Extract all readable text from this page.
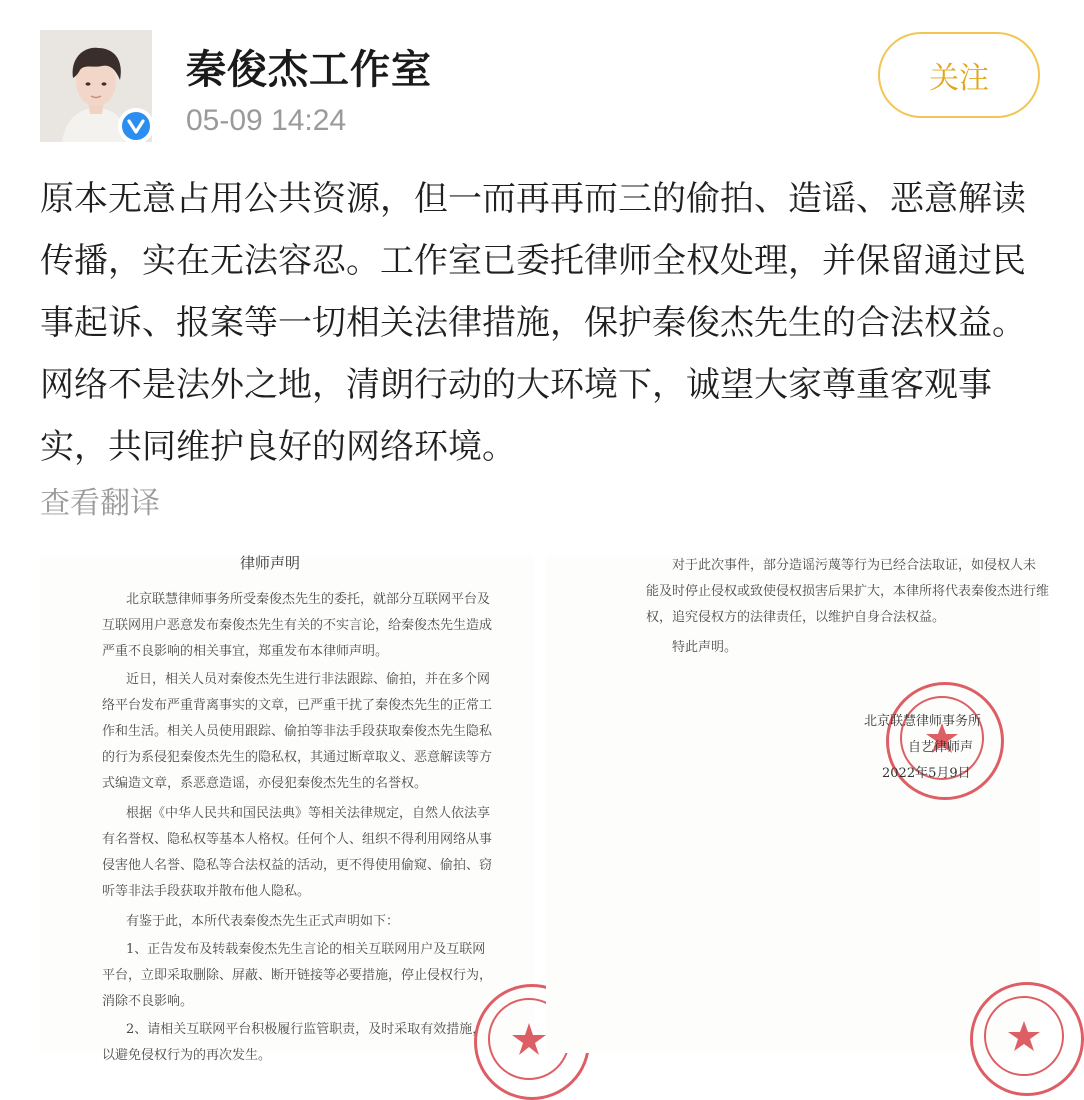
秦俊杰工作室
05-09 14:24
关注
原本无意占用公共资源，但一而再再而三的偷拍、造谣、恶意解读
传播，实在无法容忍。工作室已委托律师全权处理，并保留通过民
事起诉、报案等一切相关法律措施，保护秦俊杰先生的合法权益。
网络不是法外之地，清朗行动的大环境下，诚望大家尊重客观事
实，共同维护良好的网络环境。
查看翻译
律师声明
北京联慧律师事务所受秦俊杰先生的委托，就部分互联网平台及
互联网用户恶意发布秦俊杰先生有关的不实言论，给秦俊杰先生造成
严重不良影响的相关事宜，郑重发布本律师声明。
近日，相关人员对秦俊杰先生进行非法跟踪、偷拍，并在多个网
络平台发布严重背离事实的文章，已严重干扰了秦俊杰先生的正常工
作和生活。相关人员使用跟踪、偷拍等非法手段获取秦俊杰先生隐私
的行为系侵犯秦俊杰先生的隐私权，其通过断章取义、恶意解读等方
式编造文章，系恶意造谣，亦侵犯秦俊杰先生的名誉权。
根据《中华人民共和国民法典》等相关法律规定，自然人依法享
有名誉权、隐私权等基本人格权。任何个人、组织不得利用网络从事
侵害他人名誉、隐私等合法权益的活动，更不得使用偷窥、偷拍、窃
听等非法手段获取并散布他人隐私。
有鉴于此，本所代表秦俊杰先生正式声明如下：
1、正告发布及转载秦俊杰先生言论的相关互联网用户及互联网
平台，立即采取删除、屏蔽、断开链接等必要措施，停止侵权行为，
消除不良影响。
2、请相关互联网平台积极履行监管职责，及时采取有效措施，
以避免侵权行为的再次发生。
对于此次事件，部分造谣污蔑等行为已经合法取证，如侵权人未
能及时停止侵权或致使侵权损害后果扩大，本律所将代表秦俊杰进行维
权，追究侵权方的法律责任，以维护自身合法权益。
特此声明。
北京联慧律师事务所
自艺律师声
2022年5月9日
